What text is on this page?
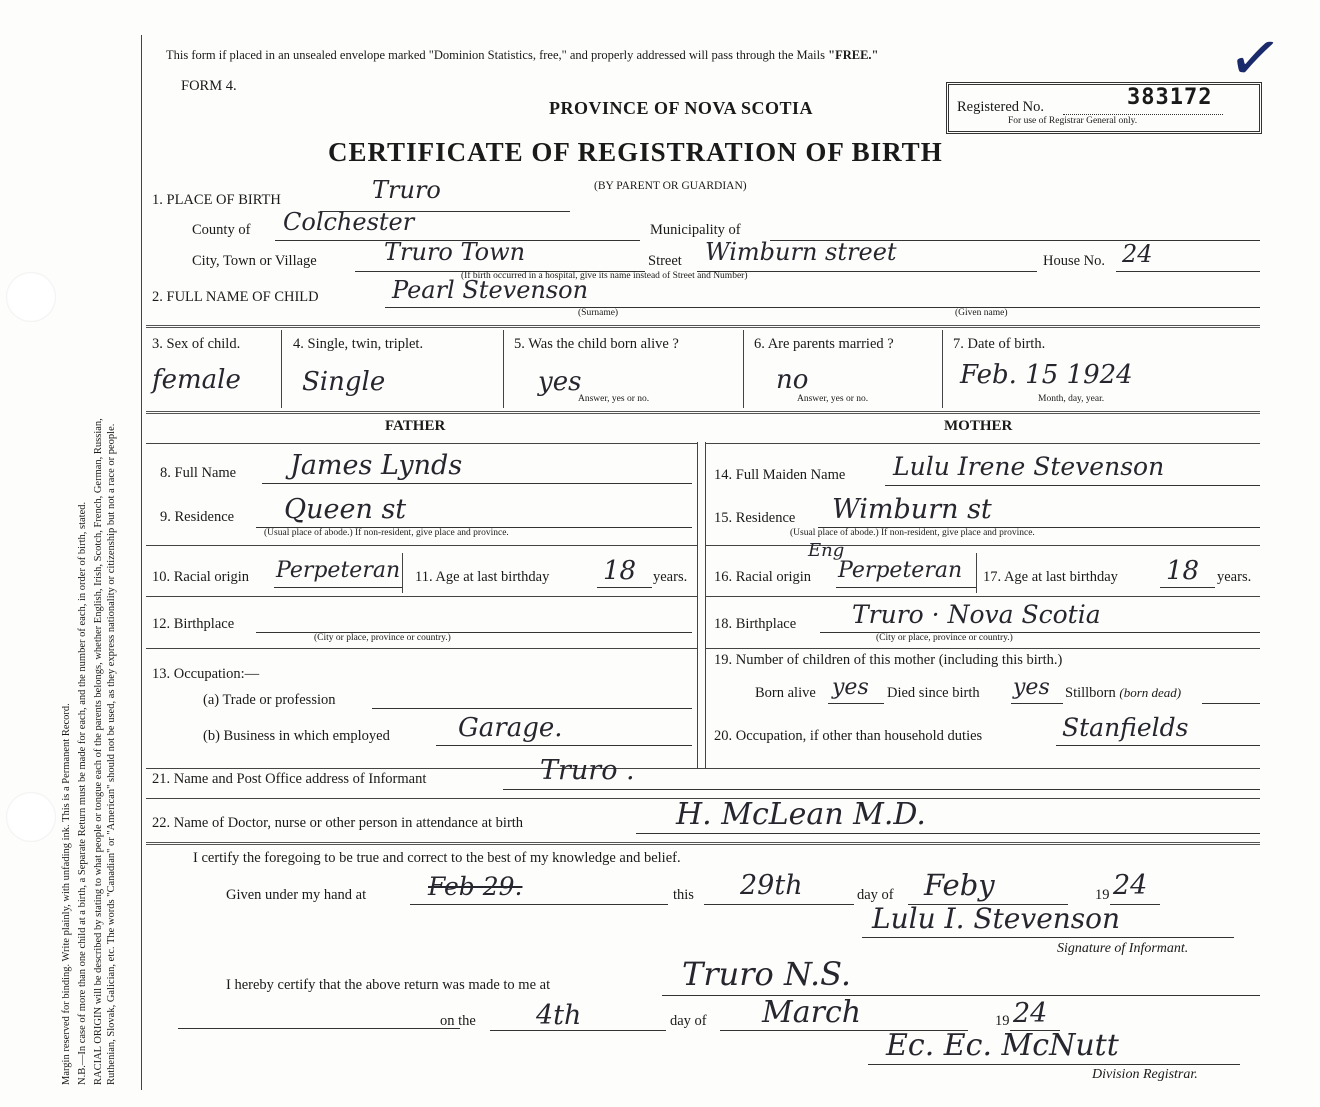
Margin reserved for binding. Write plainly, with unfading ink. This is a Permanent Record. N.B.—In case of more than one child at a birth, a Separate Return must be made for each, and the number of each, in order of birth, stated. RACIAL ORIGIN will be described by stating to what people or tongue each of the parents belongs, whether English, Irish, Scotch, French, German, Russian, Ruthenian, Slovak, Galician, etc. The words "Canadian" or "American" should not be used, as they express nationality or citizenship but not a race or people.
This form if placed in an unsealed envelope marked "Dominion Statistics, free," and properly addressed will pass through the Mails "FREE."
FORM 4.
PROVINCE OF NOVA SCOTIA	Registered No.	383172
For use of Registrar General only.
✓
CERTIFICATE OF REGISTRATION OF BIRTH
(BY PARENT OR GUARDIAN)
1. PLACE OF BIRTH	Truro
County of Colchester	Municipality of
City, Town or Village	Truro Town	Street Wimburn street	House No. 24
(If birth occurred in a hospital, give its name instead of Street and Number)
2. FULL NAME OF CHILD	Pearl Stevenson
(Surname)	(Given name)
3. Sex of child.
female
4. Single, twin, triplet.
Single
5. Was the child born alive ?
yes
Answer, yes or no.
6. Are parents married ?
no
Answer, yes or no.
7. Date of birth.
Feb. 15 1924
Month, day, year.
FATHER	MOTHER
8. Full Name James Lynds
9. Residence Queen st
(Usual place of abode.) If non-resident, give place and province.
10. Racial origin Perpeteran 11. Age at last birthday 18 years.
12. Birthplace
(City or place, province or country.)
13. Occupation:—
(a) Trade or profession
(b) Business in which employed	Garage.
14. Full Maiden Name Lulu Irene Stevenson
15. Residence Wimburn st
(Usual place of abode.) If non-resident, give place and province.
16. Racial origin Perpeteran
Eng
17. Age at last birthday 18 years.
18. Birthplace Truro · Nova Scotia
(City or place, province or country.)
19. Number of children of this mother (including this birth.)
Born alive yes Died since birth yes Stillborn (born dead)
20. Occupation, if other than household duties	Stanfields
21. Name and Post Office address of Informant	Truro .
22. Name of Doctor, nurse or other person in attendance at birth	H. McLean M.D.
I certify the foregoing to be true and correct to the best of my knowledge and belief.
Given under my hand at Feb 29.	this 29th	day of Feby	19 24
Lulu I. Stevenson
Signature of Informant.
I hereby certify that the above return was made to me at	Truro N.S.
on the 4th	day of March	19 24
Ec. Ec. McNutt
Division Registrar.
